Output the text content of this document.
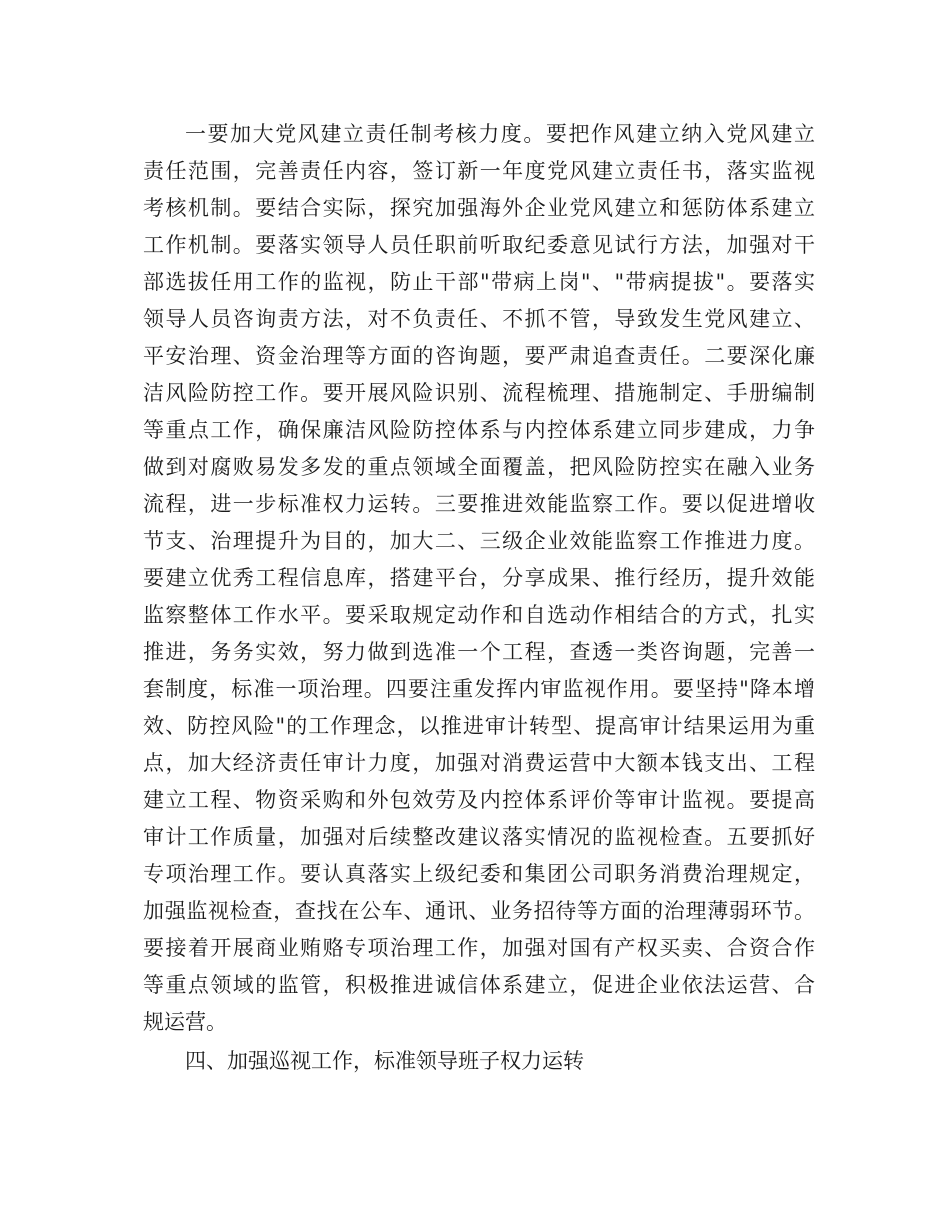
一要加大党风建立责任制考核力度。要把作风建立纳入党风建立
责任范围，完善责任内容，签订新一年度党风建立责任书，落实监视
考核机制。要结合实际，探究加强海外企业党风建立和惩防体系建立
工作机制。要落实领导人员任职前听取纪委意见试行方法，加强对干
部选拔任用工作的监视，防止干部"带病上岗"、"带病提拔"。要落实
领导人员咨询责方法，对不负责任、不抓不管，导致发生党风建立、
平安治理、资金治理等方面的咨询题，要严肃追查责任。二要深化廉
洁风险防控工作。要开展风险识别、流程梳理、措施制定、手册编制
等重点工作，确保廉洁风险防控体系与内控体系建立同步建成，力争
做到对腐败易发多发的重点领域全面覆盖，把风险防控实在融入业务
流程，进一步标准权力运转。三要推进效能监察工作。要以促进增收
节支、治理提升为目的，加大二、三级企业效能监察工作推进力度。
要建立优秀工程信息库，搭建平台，分享成果、推行经历，提升效能
监察整体工作水平。要采取规定动作和自选动作相结合的方式，扎实
推进，务务实效，努力做到选准一个工程，查透一类咨询题，完善一
套制度，标准一项治理。四要注重发挥内审监视作用。要坚持"降本增
效、防控风险"的工作理念，以推进审计转型、提高审计结果运用为重
点，加大经济责任审计力度，加强对消费运营中大额本钱支出、工程
建立工程、物资采购和外包效劳及内控体系评价等审计监视。要提高
审计工作质量，加强对后续整改建议落实情况的监视检查。五要抓好
专项治理工作。要认真落实上级纪委和集团公司职务消费治理规定，
加强监视检查，查找在公车、通讯、业务招待等方面的治理薄弱环节。
要接着开展商业贿赂专项治理工作，加强对国有产权买卖、合资合作
等重点领域的监管，积极推进诚信体系建立，促进企业依法运营、合
规运营。
四、加强巡视工作，标准领导班子权力运转
